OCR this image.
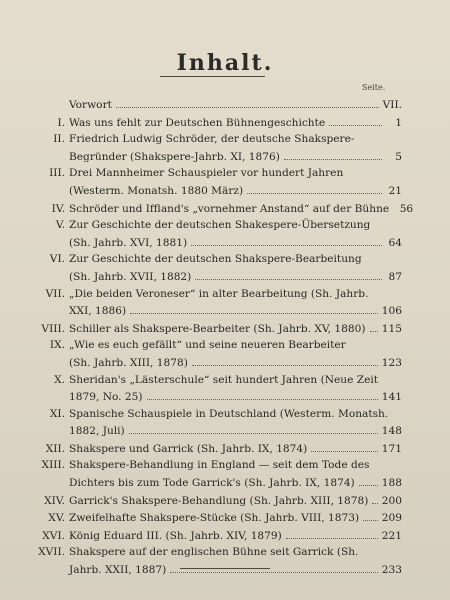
Inhalt.
Seite.
Vorwort	VII.
I. Was uns fehlt zur Deutschen Bühnengeschichte	1
II. Friedrich Ludwig Schröder, der deutsche Shakspere-
Begründer (Shakspere-Jahrb. XI, 1876)	5
III. Drei Mannheimer Schauspieler vor hundert Jahren
(Westerm. Monatsh. 1880 März)	21
IV. Schröder und Iffland's „vornehmer Anstand“ auf der Bühne 56
V. Zur Geschichte der deutschen Shakespere-Übersetzung
(Sh. Jahrb. XVI, 1881)	64
VI. Zur Geschichte der deutschen Shakspere-Bearbeitung
(Sh. Jahrb. XVII, 1882)	87
VII. „Die beiden Veroneser“ in alter Bearbeitung (Sh. Jahrb.
XXI, 1886)	106
VIII. Schiller als Shakspere-Bearbeiter (Sh. Jahrb. XV, 1880) 115
IX. „Wie es euch gefällt“ und seine neueren Bearbeiter
(Sh. Jahrb. XIII, 1878)	123
X. Sheridan's „Lästerschule“ seit hundert Jahren (Neue Zeit
1879, No. 25)	141
XI. Spanische Schauspiele in Deutschland (Westerm. Monatsh.
1882, Juli)	148
XII. Shakspere und Garrick (Sh. Jahrb. IX, 1874)	171
XIII. Shakspere-Behandlung in England — seit dem Tode des
Dichters bis zum Tode Garrick's (Sh. Jahrb. IX, 1874)	188
XIV. Garrick's Shakspere-Behandlung (Sh. Jahrb. XIII, 1878) 200
XV. Zweifelhafte Shakspere-Stücke (Sh. Jahrb. VIII, 1873) 209
XVI. König Eduard III. (Sh. Jahrb. XIV, 1879)	221
XVII. Shakspere auf der englischen Bühne seit Garrick (Sh.
Jahrb. XXII, 1887)	233
